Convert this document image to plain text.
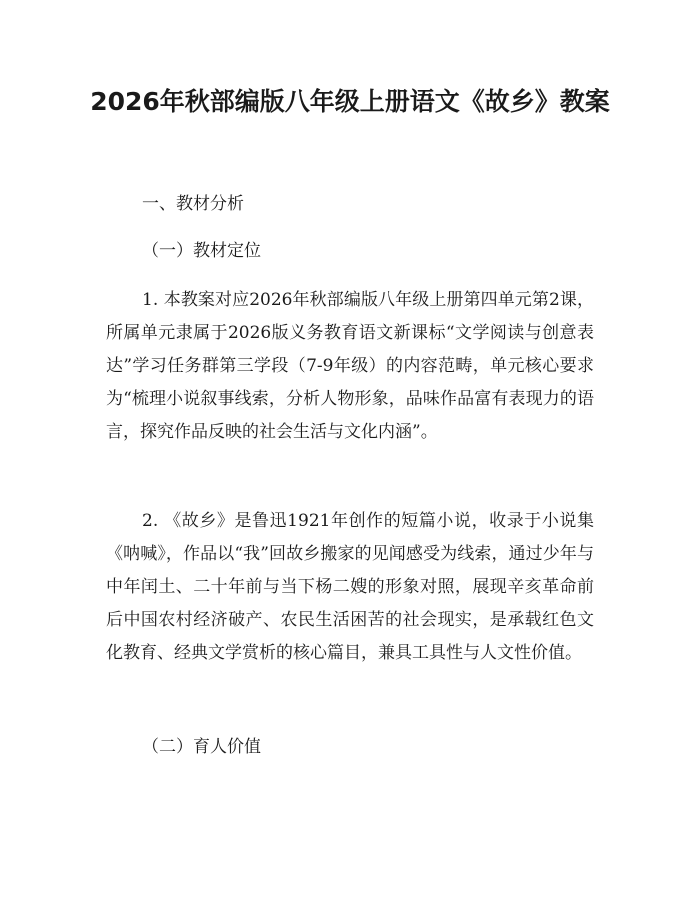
2026年秋部编版八年级上册语文《故乡》教案

一、教材分析

（一）教材定位

1. 本教案对应2026年秋部编版八年级上册第四单元第2课，所属单元隶属于2026版义务教育语文新课标“文学阅读与创意表达”学习任务群第三学段（7-9年级）的内容范畴，单元核心要求为“梳理小说叙事线索，分析人物形象，品味作品富有表现力的语言，探究作品反映的社会生活与文化内涵”。

2. 《故乡》是鲁迅1921年创作的短篇小说，收录于小说集《呐喊》，作品以“我”回故乡搬家的见闻感受为线索，通过少年与中年闰土、二十年前与当下杨二嫂的形象对照，展现辛亥革命前后中国农村经济破产、农民生活困苦的社会现实，是承载红色文化教育、经典文学赏析的核心篇目，兼具工具性与人文性价值。

（二）育人价值
